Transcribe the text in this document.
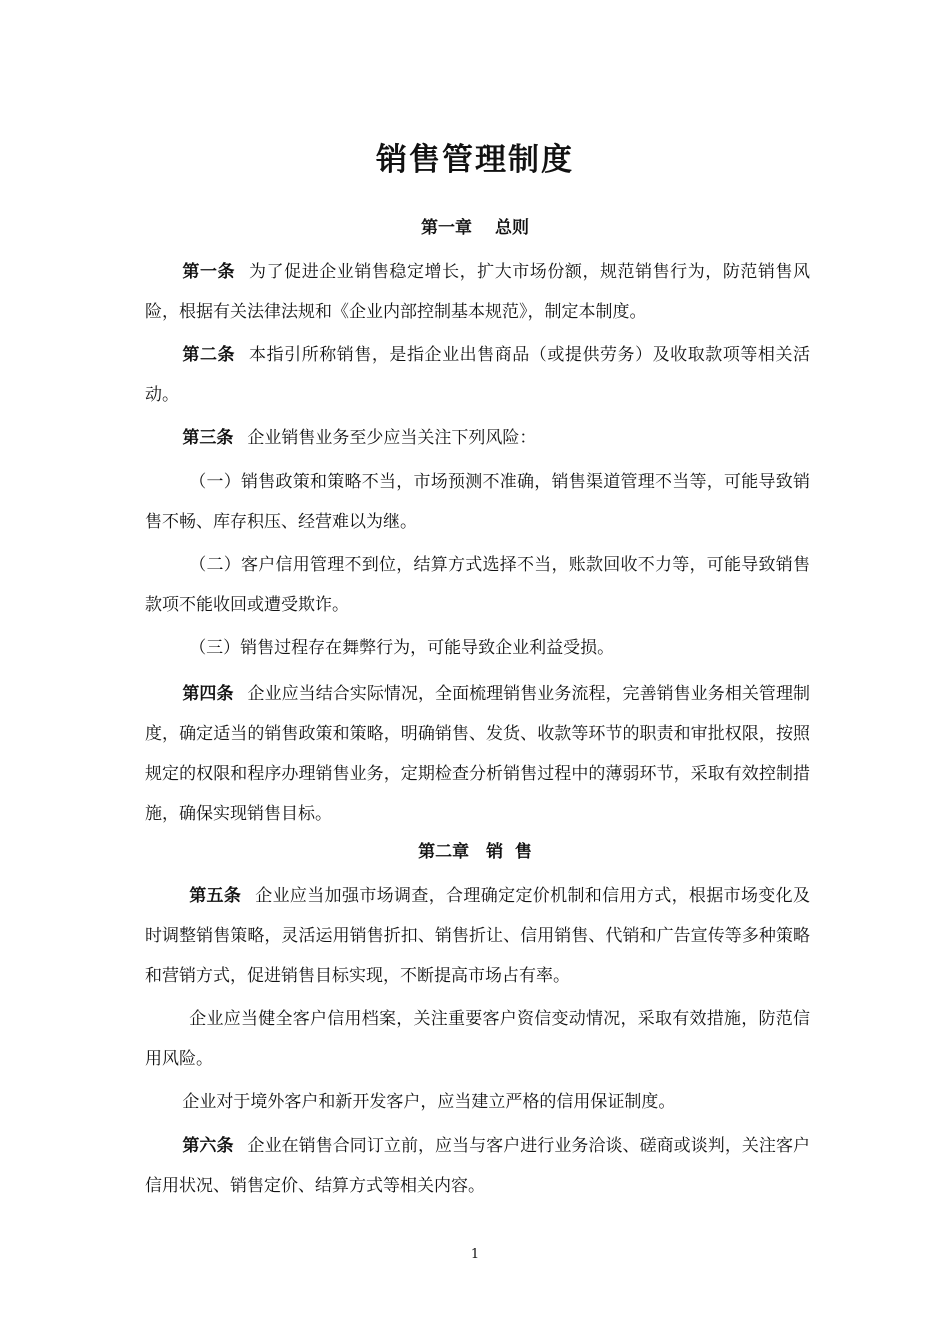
销售管理制度
第一章　 总则
第一条 为了促进企业销售稳定增长，扩大市场份额，规范销售行为，防范销售风险，根据有关法律法规和《企业内部控制基本规范》，制定本制度。
第二条 本指引所称销售，是指企业出售商品（或提供劳务）及收取款项等相关活动。
第三条 企业销售业务至少应当关注下列风险：
（一）销售政策和策略不当，市场预测不准确，销售渠道管理不当等，可能导致销售不畅、库存积压、经营难以为继。
（二）客户信用管理不到位，结算方式选择不当，账款回收不力等，可能导致销售款项不能收回或遭受欺诈。
（三）销售过程存在舞弊行为，可能导致企业利益受损。
第四条 企业应当结合实际情况，全面梳理销售业务流程，完善销售业务相关管理制度，确定适当的销售政策和策略，明确销售、发货、收款等环节的职责和审批权限，按照规定的权限和程序办理销售业务，定期检查分析销售过程中的薄弱环节，采取有效控制措施，确保实现销售目标。
第二章　销  售
第五条 企业应当加强市场调查，合理确定定价机制和信用方式，根据市场变化及时调整销售策略，灵活运用销售折扣、销售折让、信用销售、代销和广告宣传等多种策略和营销方式，促进销售目标实现，不断提高市场占有率。
企业应当健全客户信用档案，关注重要客户资信变动情况，采取有效措施，防范信用风险。
企业对于境外客户和新开发客户，应当建立严格的信用保证制度。
第六条 企业在销售合同订立前，应当与客户进行业务洽谈、磋商或谈判，关注客户信用状况、销售定价、结算方式等相关内容。
1
